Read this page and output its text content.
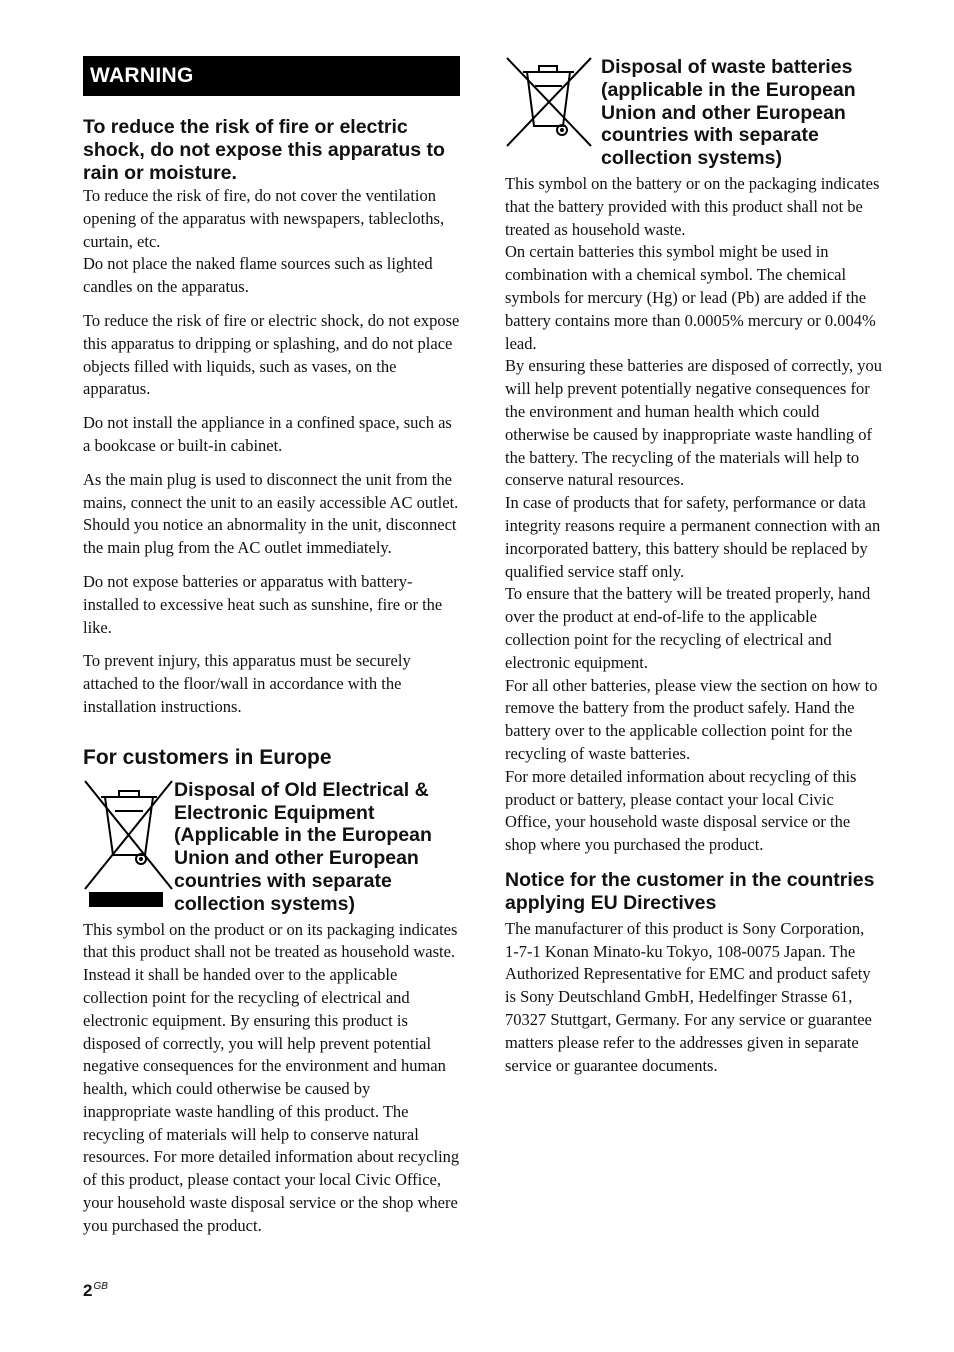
WARNING
To reduce the risk of fire or electric shock, do not expose this apparatus to rain or moisture.

To reduce the risk of fire, do not cover the ventilation opening of the apparatus with newspapers, tablecloths, curtain, etc.

Do not place the naked flame sources such as lighted candles on the apparatus.

To reduce the risk of fire or electric shock, do not expose this apparatus to dripping or splashing, and do not place objects filled with liquids, such as vases, on the apparatus.

Do not install the appliance in a confined space, such as a bookcase or built-in cabinet.

As the main plug is used to disconnect the unit from the mains, connect the unit to an easily accessible AC outlet. Should you notice an abnormality in the unit, disconnect the main plug from the AC outlet immediately.

Do not expose batteries or apparatus with battery-installed to excessive heat such as sunshine, fire or the like.

To prevent injury, this apparatus must be securely attached to the floor/wall in accordance with the installation instructions.

For customers in Europe
Disposal of Old Electrical & Electronic Equipment (Applicable in the European Union and other European countries with separate collection systems)

This symbol on the product or on its packaging indicates that this product shall not be treated as household waste. Instead it shall be handed over to the applicable collection point for the recycling of electrical and electronic equipment. By ensuring this product is disposed of correctly, you will help prevent potential negative consequences for the environment and human health, which could otherwise be caused by inappropriate waste handling of this product. The recycling of materials will help to conserve natural resources. For more detailed information about recycling of this product, please contact your local Civic Office, your household waste disposal service or the shop where you purchased the product.

Disposal of waste batteries (applicable in the European Union and other European countries with separate collection systems)

This symbol on the battery or on the packaging indicates that the battery provided with this product shall not be treated as household waste.

On certain batteries this symbol might be used in combination with a chemical symbol. The chemical symbols for mercury (Hg) or lead (Pb) are added if the battery contains more than 0.0005% mercury or 0.004% lead.

By ensuring these batteries are disposed of correctly, you will help prevent potentially negative consequences for the environment and human health which could otherwise be caused by inappropriate waste handling of the battery. The recycling of the materials will help to conserve natural resources.

In case of products that for safety, performance or data integrity reasons require a permanent connection with an incorporated battery, this battery should be replaced by qualified service staff only.

To ensure that the battery will be treated properly, hand over the product at end-of-life to the applicable collection point for the recycling of electrical and electronic equipment.

For all other batteries, please view the section on how to remove the battery from the product safely. Hand the battery over to the applicable collection point for the recycling of waste batteries.

For more detailed information about recycling of this product or battery, please contact your local Civic Office, your household waste disposal service or the shop where you purchased the product.

Notice for the customer in the countries applying EU Directives

The manufacturer of this product is Sony Corporation, 1-7-1 Konan Minato-ku Tokyo, 108-0075 Japan. The Authorized Representative for EMC and product safety is Sony Deutschland GmbH, Hedelfinger Strasse 61, 70327 Stuttgart, Germany. For any service or guarantee matters please refer to the addresses given in separate service or guarantee documents.

$2^{GB}$
